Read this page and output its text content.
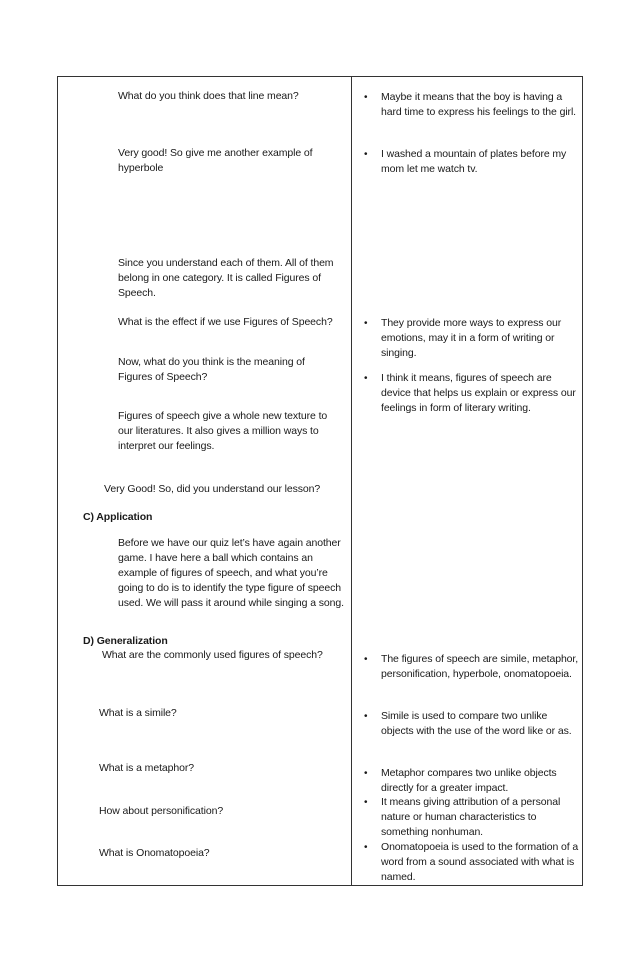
What do you think does that line mean?
Very good! So give me another example of hyperbole
Since you understand each of them. All of them belong in one category. It is called Figures of Speech.
What is the effect if we use Figures of Speech?
Now, what do you think is the meaning of Figures of Speech?
Figures of speech give a whole new texture to our literatures. It also gives a million ways to interpret our feelings.
Very Good! So, did you understand our lesson?
C) Application
Before we have our quiz let’s have again another game. I have here a ball which contains an example of figures of speech, and what you’re going to do is to identify the type figure of speech used. We will pass it around while singing a song.
D) Generalization
What are the commonly used figures of speech?
What is a simile?
What is a metaphor?
How about personification?
What is Onomatopoeia?
• Maybe it means that the boy is having a hard time to express his feelings to the girl.
• I washed a mountain of plates before my mom let me watch tv.
• They provide more ways to express our emotions, may it in a form of writing or singing.
• I think it means, figures of speech are device that helps us explain or express our feelings in form of literary writing.
• The figures of speech are simile, metaphor, personification, hyperbole, onomatopoeia.
• Simile is used to compare two unlike objects with the use of the word like or as.
• Metaphor compares two unlike objects directly for a greater impact.
• It means giving attribution of a personal nature or human characteristics to something nonhuman.
• Onomatopoeia is used to the formation of a word from a sound associated with what is named.
